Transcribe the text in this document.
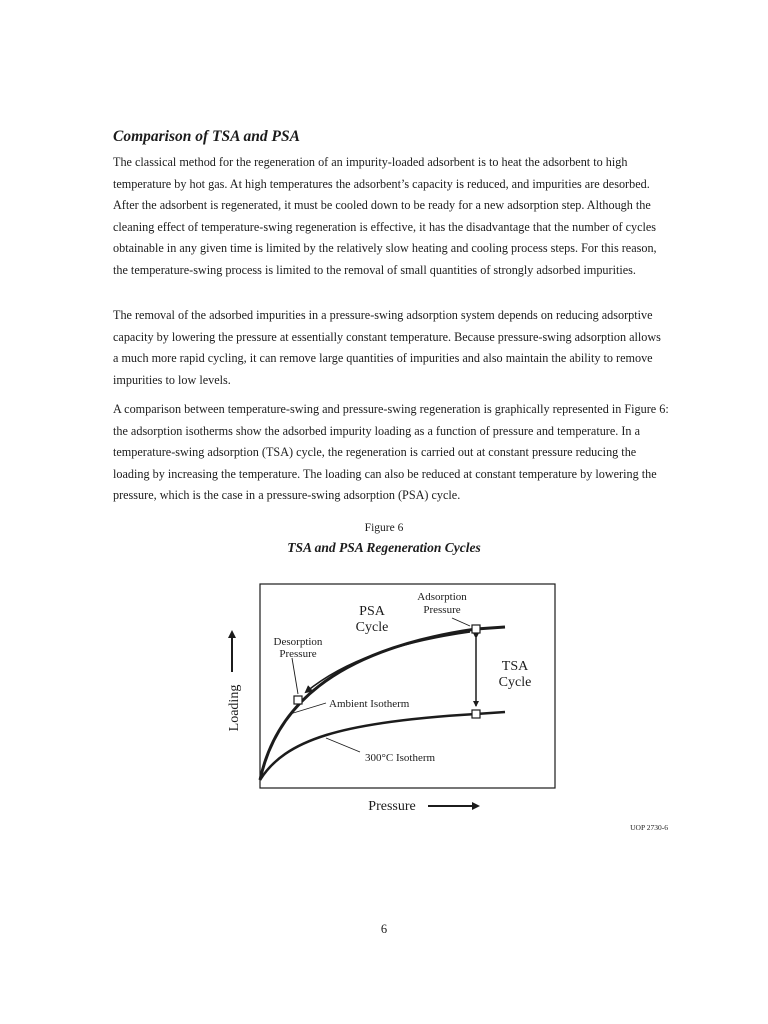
Comparison of TSA and PSA

The classical method for the regeneration of an impurity-loaded adsorbent is to heat the adsorbent to high temperature by hot gas. At high temperatures the adsorbent’s capacity is reduced, and impurities are desorbed. After the adsorbent is regenerated, it must be cooled down to be ready for a new adsorption step. Although the cleaning effect of temperature-swing regeneration is effective, it has the disadvantage that the number of cycles obtainable in any given time is limited by the relatively slow heating and cooling process steps. For this reason, the temperature-swing process is limited to the removal of small quantities of strongly adsorbed impurities.

The removal of the adsorbed impurities in a pressure-swing adsorption system depends on reducing adsorptive capacity by lowering the pressure at essentially constant temperature. Because pressure-swing adsorption allows a much more rapid cycling, it can remove large quantities of impurities and also maintain the ability to remove impurities to low levels.

A comparison between temperature-swing and pressure-swing regeneration is graphically represented in Figure 6: the adsorption isotherms show the adsorbed impurity loading as a function of pressure and temperature. In a temperature-swing adsorption (TSA) cycle, the regeneration is carried out at constant pressure reducing the loading by increasing the temperature. The loading can also be reduced at constant temperature by lowering the pressure, which is the case in a pressure-swing adsorption (PSA) cycle.

Figure 6

TSA and PSA Regeneration Cycles

Loading
Pressure
PSA
Cycle
Adsorption
Pressure
Desorption
Pressure
TSA
Cycle
Ambient Isotherm
300°C Isotherm

UOP 2730-6

6
